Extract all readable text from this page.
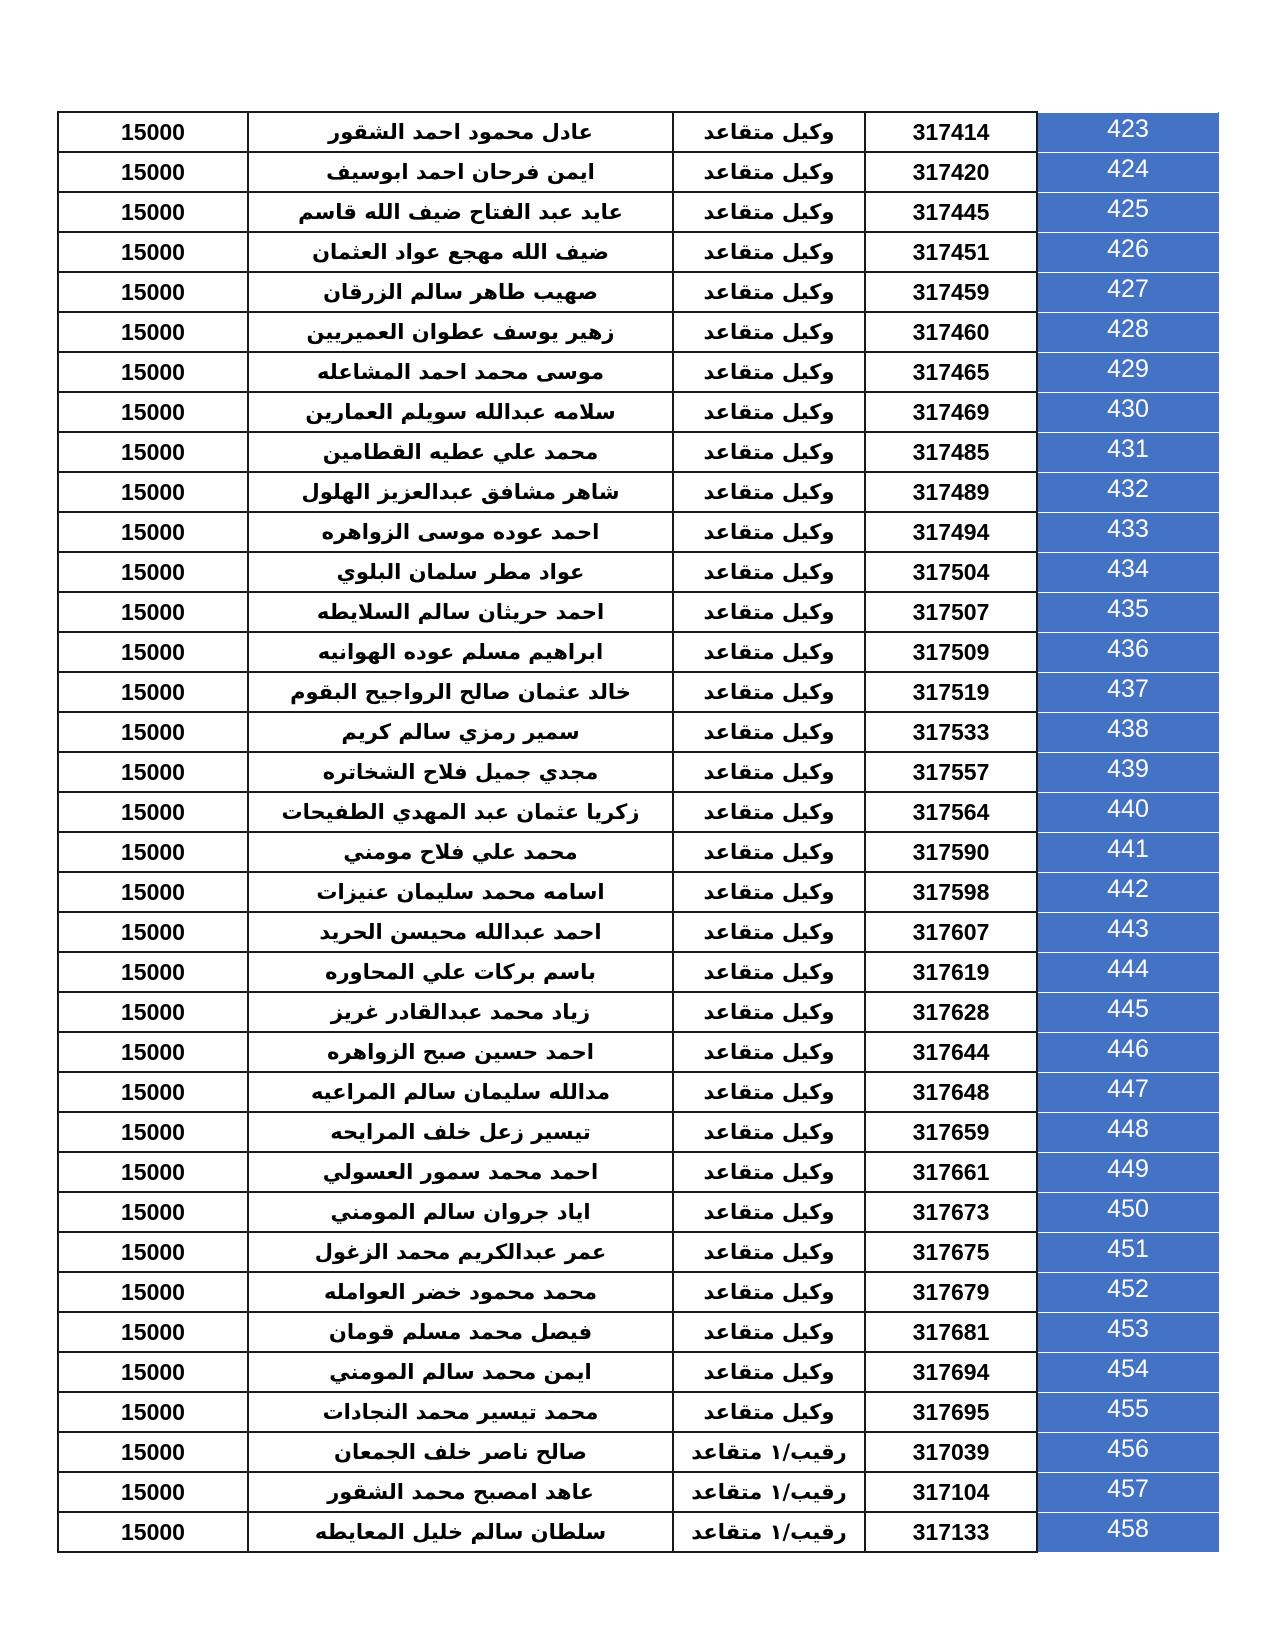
15000	عادل محمود احمد الشقور	وكيل متقاعد	317414	423
15000	ايمن فرحان احمد ابوسيف	وكيل متقاعد	317420	424
15000	عايد عبد الفتاح ضيف الله قاسم	وكيل متقاعد	317445	425
15000	ضيف الله مهجع عواد العثمان	وكيل متقاعد	317451	426
15000	صهيب طاهر سالم الزرقان	وكيل متقاعد	317459	427
15000	زهير يوسف عطوان العميريين	وكيل متقاعد	317460	428
15000	موسى محمد احمد المشاعله	وكيل متقاعد	317465	429
15000	سلامه عبدالله سويلم العمارين	وكيل متقاعد	317469	430
15000	محمد علي عطيه القطامين	وكيل متقاعد	317485	431
15000	شاهر مشافق عبدالعزيز الهلول	وكيل متقاعد	317489	432
15000	احمد عوده موسى الزواهره	وكيل متقاعد	317494	433
15000	عواد مطر سلمان البلوي	وكيل متقاعد	317504	434
15000	احمد حريثان سالم السلايطه	وكيل متقاعد	317507	435
15000	ابراهيم مسلم عوده الهوانيه	وكيل متقاعد	317509	436
15000	خالد عثمان صالح الرواجيح البقوم	وكيل متقاعد	317519	437
15000	سمير رمزي سالم كريم	وكيل متقاعد	317533	438
15000	مجدي جميل فلاح الشخاتره	وكيل متقاعد	317557	439
15000	زكريا عثمان عبد المهدي الطفيحات	وكيل متقاعد	317564	440
15000	محمد علي فلاح مومني	وكيل متقاعد	317590	441
15000	اسامه محمد سليمان عنيزات	وكيل متقاعد	317598	442
15000	احمد عبدالله محيسن الحريد	وكيل متقاعد	317607	443
15000	باسم بركات علي المحاوره	وكيل متقاعد	317619	444
15000	زياد محمد عبدالقادر غريز	وكيل متقاعد	317628	445
15000	احمد حسين صبح الزواهره	وكيل متقاعد	317644	446
15000	مدالله سليمان سالم المراعيه	وكيل متقاعد	317648	447
15000	تيسير زعل خلف المرايحه	وكيل متقاعد	317659	448
15000	احمد محمد سمور العسولي	وكيل متقاعد	317661	449
15000	اياد جروان سالم المومني	وكيل متقاعد	317673	450
15000	عمر عبدالكريم محمد الزغول	وكيل متقاعد	317675	451
15000	محمد محمود خضر العوامله	وكيل متقاعد	317679	452
15000	فيصل محمد مسلم قومان	وكيل متقاعد	317681	453
15000	ايمن محمد سالم المومني	وكيل متقاعد	317694	454
15000	محمد تيسير محمد النجادات	وكيل متقاعد	317695	455
15000	صالح ناصر خلف الجمعان	رقيب/١ متقاعد	317039	456
15000	عاهد امصبح محمد الشقور	رقيب/١ متقاعد	317104	457
15000	سلطان سالم خليل المعايطه	رقيب/١ متقاعد	317133	458
